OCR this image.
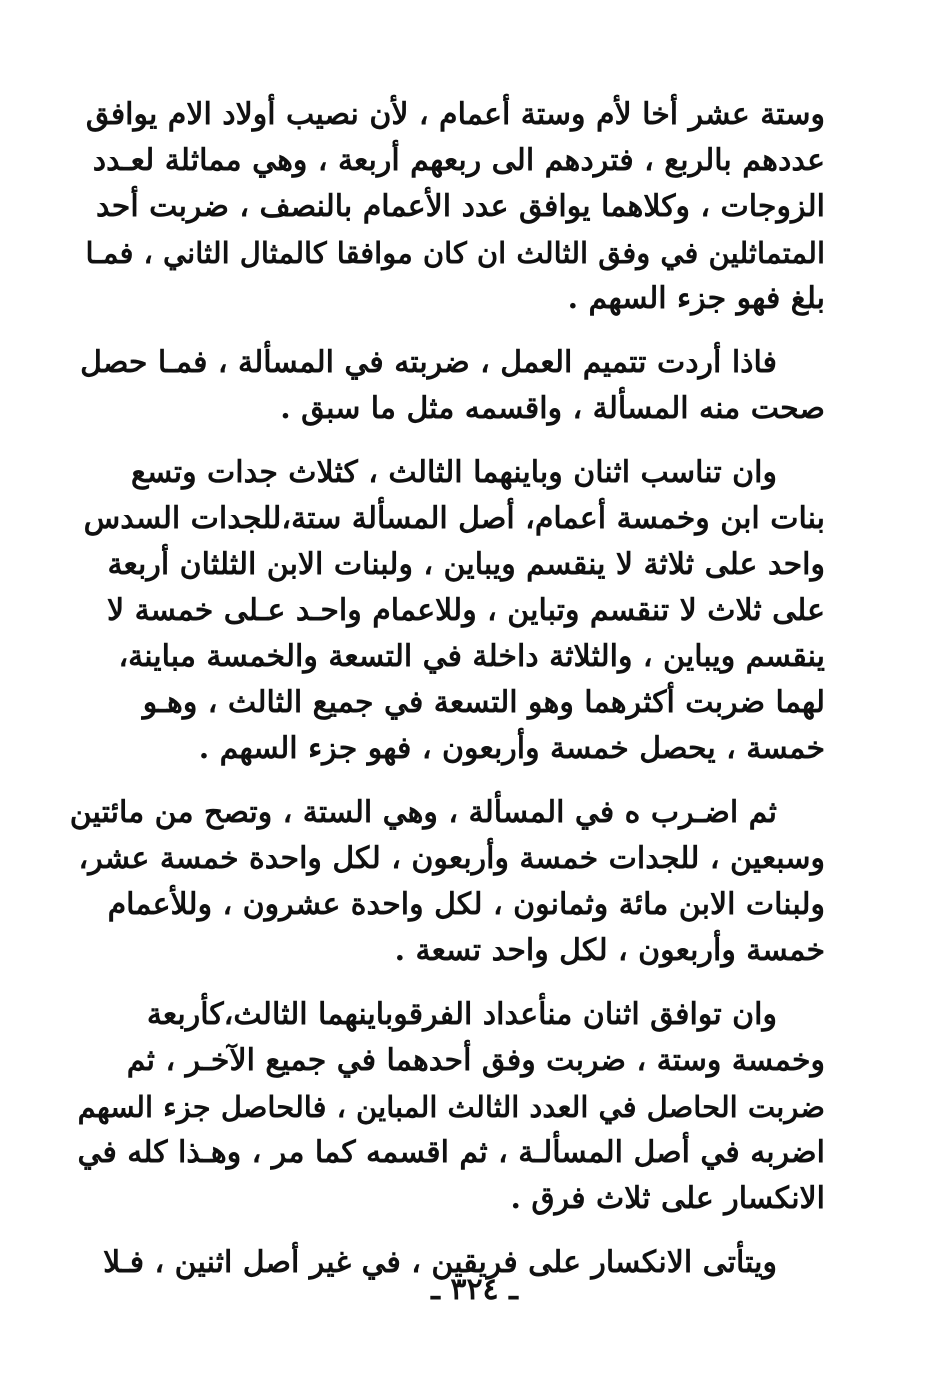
وستة عشر أخا لأم وستة أعمام ، لأن نصيب أولاد الام يوافق
عددهم بالربع ، فتردهم الى ربعهم أربعة ، وهي مماثلة لعـدد
الزوجات ، وكلاهما يوافق عدد الأعمام بالنصف ، ضربت أحد
المتماثلين في وفق الثالث ان كان موافقا كالمثال الثاني ، فمـا
بلغ فهو جزء السهم .

فاذا أردت تتميم العمل ، ضربته في المسألة ، فمـا حصل
صحت منه المسألة ، واقسمه مثل ما سبق .

وان تناسب اثنان وباينهما الثالث ، كثلاث جدات وتسع
بنات ابن وخمسة أعمام، أصل المسألة ستة،للجدات السدس
واحد على ثلاثة لا ينقسم ويباين ، ولبنات الابن الثلثان أربعة
على ثلاث لا تنقسم وتباين ، وللاعمام واحـد عـلى خمسة لا
ينقسم ويباين ، والثلاثة داخلة في التسعة والخمسة مباينة،
لهما ضربت أكثرهما وهو التسعة في جميع الثالث ، وهـو
خمسة ، يحصل خمسة وأربعون ، فهو جزء السهم .

ثم اضـرب ه في المسألة ، وهي الستة ، وتصح من مائتين
وسبعين ، للجدات خمسة وأربعون ، لكل واحدة خمسة عشر،
ولبنات الابن مائة وثمانون ، لكل واحدة عشرون ، وللأعمام
خمسة وأربعون ، لكل واحد تسعة .

وان توافق اثنان منأعداد الفرقوباينهما الثالث،كأربعة
وخمسة وستة ، ضربت وفق أحدهما في جميع الآخـر ، ثم
ضربت الحاصل في العدد الثالث المباين ، فالحاصل جزء السهم
اضربه في أصل المسألـة ، ثم اقسمه كما مر ، وهـذا كله في
الانكسار على ثلاث فرق .

ويتأتى الانكسار على فريقين ، في غير أصل اثنين ، فـلا

ـ ٣٢٤ ـ
